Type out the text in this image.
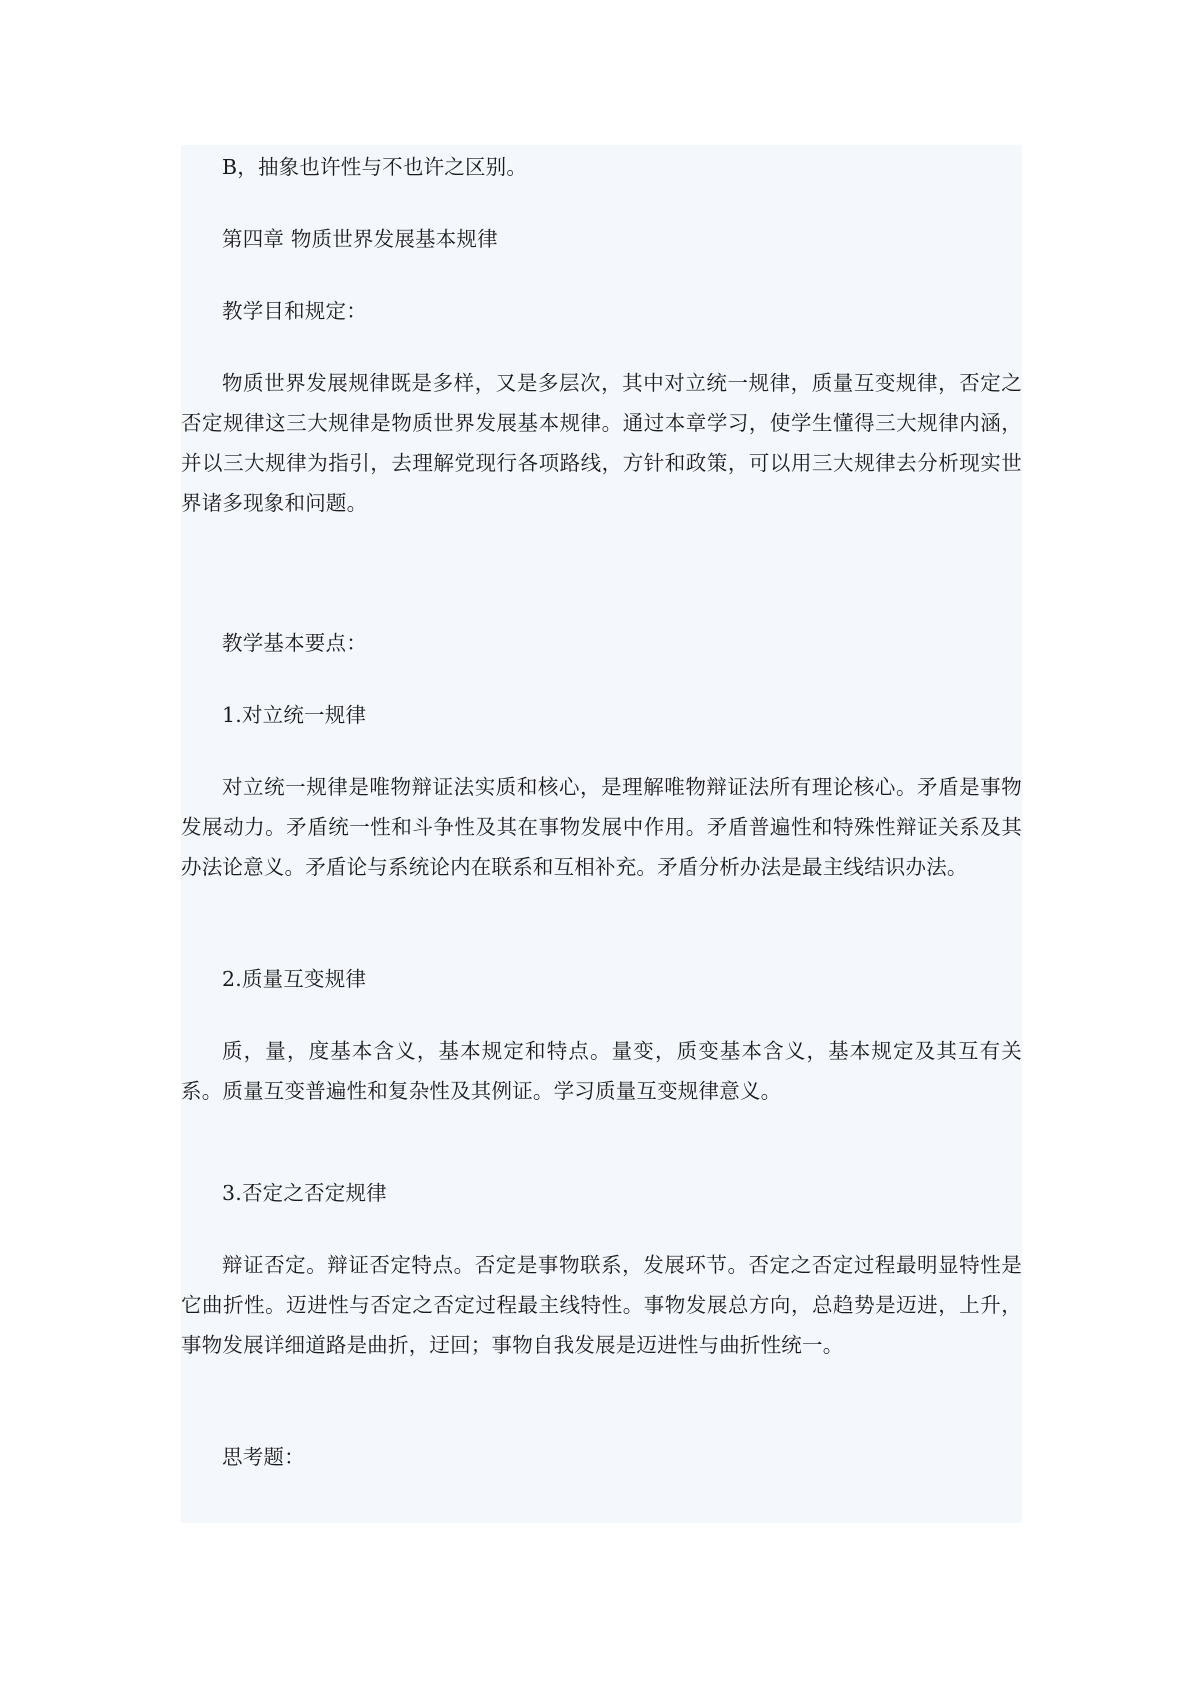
B，抽象也许性与不也许之区别。

第四章 物质世界发展基本规律

教学目和规定：

物质世界发展规律既是多样，又是多层次，其中对立统一规律，质量互变规律，否定之否定规律这三大规律是物质世界发展基本规律。通过本章学习，使学生懂得三大规律内涵，并以三大规律为指引，去理解党现行各项路线，方针和政策，可以用三大规律去分析现实世界诸多现象和问题。

教学基本要点：

1.对立统一规律

对立统一规律是唯物辩证法实质和核心，是理解唯物辩证法所有理论核心。矛盾是事物发展动力。矛盾统一性和斗争性及其在事物发展中作用。矛盾普遍性和特殊性辩证关系及其办法论意义。矛盾论与系统论内在联系和互相补充。矛盾分析办法是最主线结识办法。

2.质量互变规律

质，量，度基本含义，基本规定和特点。量变，质变基本含义，基本规定及其互有关系。质量互变普遍性和复杂性及其例证。学习质量互变规律意义。

3.否定之否定规律

辩证否定。辩证否定特点。否定是事物联系，发展环节。否定之否定过程最明显特性是它曲折性。迈进性与否定之否定过程最主线特性。事物发展总方向，总趋势是迈进，上升，事物发展详细道路是曲折，迂回；事物自我发展是迈进性与曲折性统一。

思考题：
